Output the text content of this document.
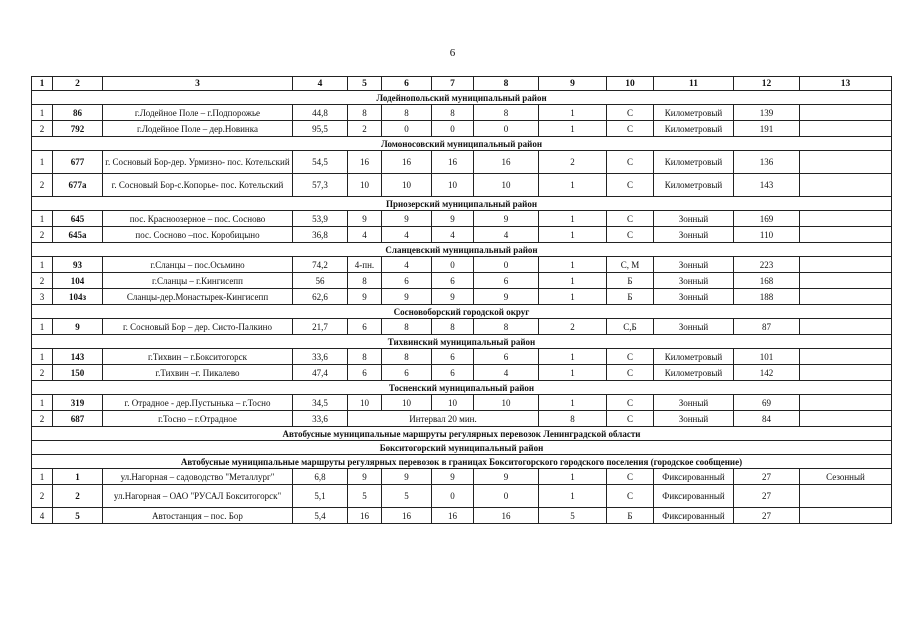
6
1	2	3	4	5	6	7	8	9	10	11	12	13
Лодейнопольский муниципальный район												
1	86	г.Лодейное Поле – г.Подпорожье	44,8	8	8	8	8	1	С	Километровый	139	
2	792	г.Лодейное Поле – дер.Новинка	95,5	2	0	0	0	1	С	Километровый	191	
Ломоносовский муниципальный район												
1	677	г. Сосновый Бор-дер. Урмизно- пос. Котельский	54,5	16	16	16	16	2	С	Километровый	136	
2	677а	г. Сосновый Бор-с.Копорье- пос. Котельский	57,3	10	10	10	10	1	С	Километровый	143	
Приозерский муниципальный район												
1	645	пос. Красноозерное – пос. Сосново	53,9	9	9	9	9	1	С	Зонный	169	
2	645а	пос. Сосново –пос. Коробицыно	36,8	4	4	4	4	1	С	Зонный	110	
Сланцевский муниципальный район												
1	93	г.Сланцы – пос.Осьмино	74,2	4-пн.	4	0	0	1	С, М	Зонный	223	
2	104	г.Сланцы – г.Кингисепп	56	8	6	6	6	1	Б	Зонный	168	
3	104з	Сланцы-дер.Монастырек-Кингисепп	62,6	9	9	9	9	1	Б	Зонный	188	
Сосновоборский городской округ												
1	9	г. Сосновый Бор – дер. Систо-Палкино	21,7	6	8	8	8	2	С,Б	Зонный	87	
Тихвинский муниципальный район												
1	143	г.Тихвин – г.Бокситогорск	33,6	8	8	6	6	1	С	Километровый	101	
2	150	г.Тихвин –г. Пикалево	47,4	6	6	6	4	1	С	Километровый	142	
Тосненский муниципальный район												
1	319	г. Отрадное - дер.Пустынька – г.Тосно	34,5	10	10	10	10	1	С	Зонный	69	
2	687	г.Тосно – г.Отрадное	33,6	Интервал 20 мин.				8	С	Зонный	84	
Автобусные муниципальные маршруты регулярных перевозок Ленинградской области												
Бокситогорский муниципальный район												
Автобусные муниципальные маршруты регулярных перевозок в границах Бокситогорского городского поселения (городское сообщение)												
1	1	ул.Нагорная – садоводство "Металлург"	6,8	9	9	9	9	1	С	Фиксированный	27	Сезонный
2	2	ул.Нагорная – ОАО "РУСАЛ Бокситогорск"	5,1	5	5	0	0	1	С	Фиксированный	27	
4	5	Автостанция – пос. Бор	5,4	16	16	16	16	5	Б	Фиксированный	27	
